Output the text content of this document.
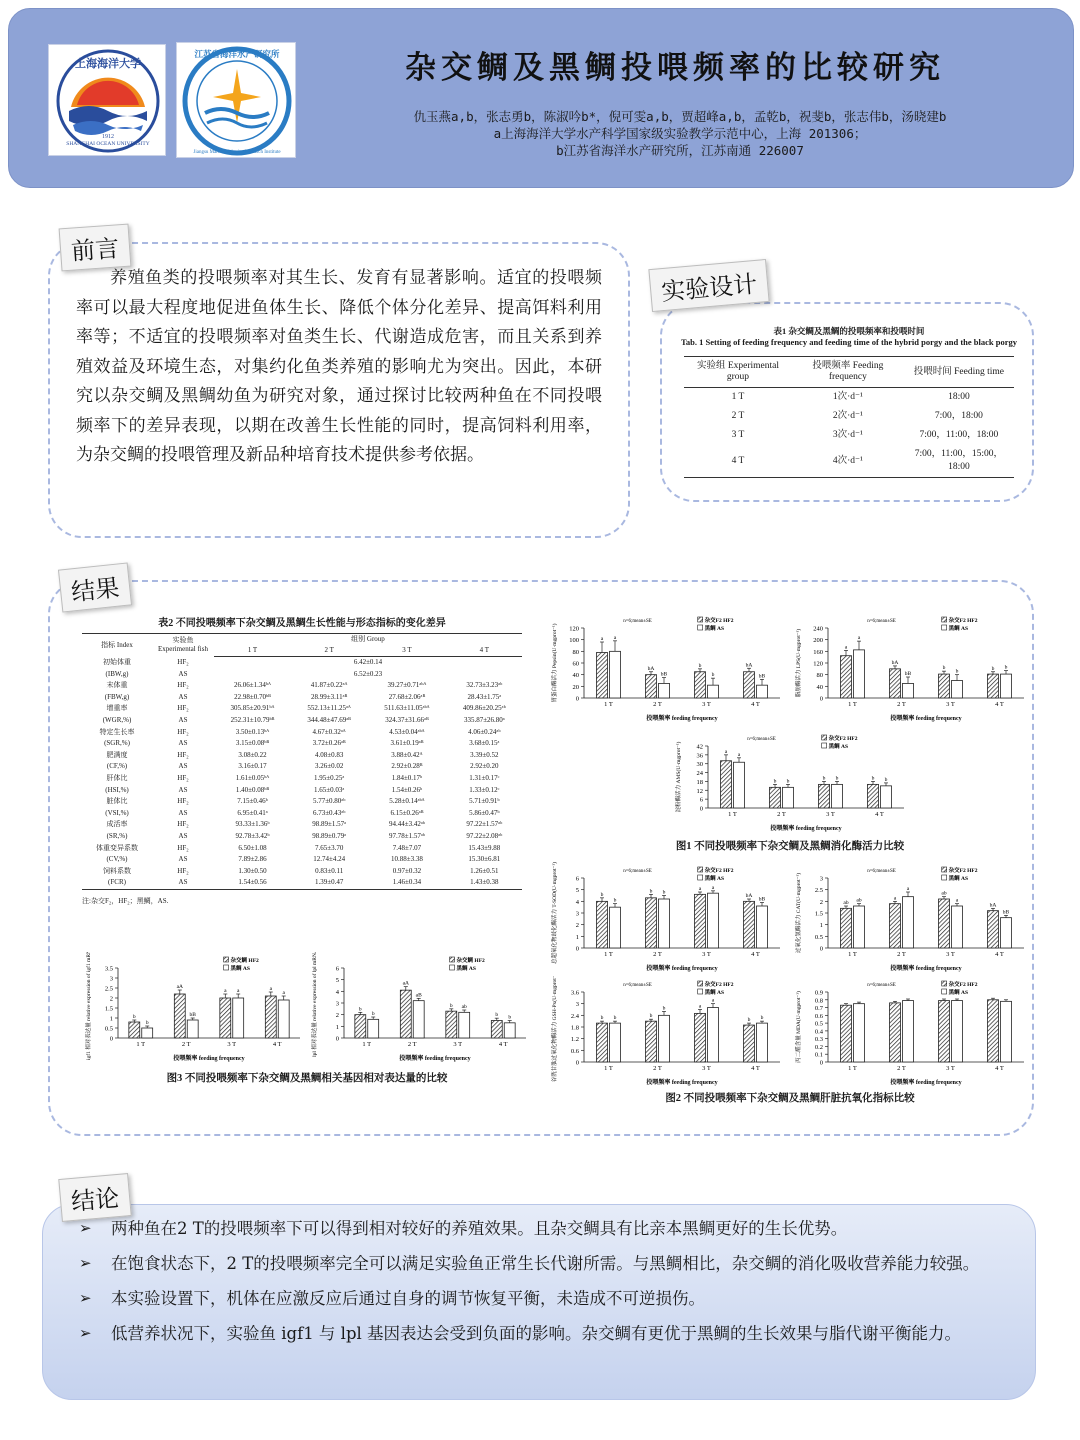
上海海洋大学
SHANGHAI OCEAN UNIVERSITY
1912
江苏省海洋水产研究所
Jiangsu Marine Fisheries Research Institute
杂交鲷及黑鲷投喂频率的比较研究
仇玉燕a,b，张志勇b，陈淑吟b*，倪可雯a,b，贾超峰a,b，孟乾b，祝斐b，张志伟b，汤晓建b
a上海海洋大学水产科学国家级实验教学示范中心，上海 201306；
b江苏省海洋水产研究所，江苏南通 226007
前言
养殖鱼类的投喂频率对其生长、发育有显著影响。适宜的投喂频率可以最大程度地促进鱼体生长、降低个体分化差异、提高饵料利用率等；不适宜的投喂频率对鱼类生长、代谢造成危害，而且关系到养殖效益及环境生态，对集约化鱼类养殖的影响尤为突出。因此，本研究以杂交鲷及黑鲷幼鱼为研究对象，通过探讨比较两种鱼在不同投喂频率下的差异表现，以期在改善生长性能的同时，提高饲料利用率，为杂交鲷的投喂管理及新品种培育技术提供参考依据。
实验设计
表1 杂交鲷及黑鲷的投喂频率和投喂时间
Tab. 1 Setting of feeding frequency and feeding time of the hybrid porgy and the black porgy
实验组 Experimental group	投喂频率 Feeding frequency	投喂时间 Feeding time
1 T	1次·d⁻¹	18:00
2 T	2次·d⁻¹	7:00，18:00
3 T	3次·d⁻¹	7:00，11:00，18:00
4 T	4次·d⁻¹	7:00，11:00，15:00，18:00
结果
表2 不同投喂频率下杂交鲷及黑鲷生长性能与形态指标的变化差异
指标 Index	实验鱼 Experimental fish	组别 Group			
		1 T	2 T	3 T	4 T
初始体重	HF₂	6.42±0.14			
(IBW,g)	AS	6.52±0.23			
末体重	HF₂	26.06±1.34ᵇᴬ	41.87±0.22ᵃᴬ	39.27±0.71ᵃᵇᴬ	32.73±3.23ᵃᵇ
(FBW,g)	AS	22.98±0.70ᵇᴮ	28.99±3.11ᵃᴮ	27.68±2.06ᵃᴮ	28.43±1.75ᵃ
增重率	HF₂	305.85±20.91ᵇᴬ	552.13±11.25ᵃᴬ	511.63±11.05ᵃᵇᴬ	409.86±20.25ᵃᵇ
(WGR,%)	AS	252.31±10.79ᵇᴮ	344.48±47.69ᵃᴮ	324.37±31.66ᵃᴮ	335.87±26.80ᵃ
特定生长率	HF₂	3.50±0.13ᵇᴬ	4.67±0.32ᵃᴬ	4.53±0.04ᵃᵇᴬ	4.06±0.24ᵃᵇ
(SGR,%)	AS	3.15±0.08ᵇᴮ	3.72±0.26ᵃᴮ	3.61±0.19ᵃᴮ	3.68±0.15ᵃ
肥满度	HF₂	3.08±0.22	4.08±0.83	3.88±0.42ᴬ	3.39±0.52
(CF,%)	AS	3.16±0.17	3.26±0.02	2.92±0.28ᴮ	2.92±0.20
肝体比	HF₂	1.61±0.05ᵇᴬ	1.95±0.25ᵃ	1.84±0.17ᵇ	1.31±0.17ᶜ
(HSI,%)	AS	1.40±0.08ᵇᴮ	1.65±0.03ᵃ	1.54±0.26ᵇ	1.33±0.12ᶜ
脏体比	HF₂	7.15±0.46ᵇ	5.77±0.80ᵃᵇ	5.28±0.14ᵃᵇᴬ	5.71±0.91ᵇ
(VSI,%)	AS	6.95±0.41ᵃ	6.73±0.43ᵃᵇ	6.15±0.26ᵃᴮ	5.86±0.47ᵇ
成活率	HF₂	93.33±1.36ᵇ	98.89±1.57ᵃ	94.44±3.42ᵃᵇ	97.22±1.57ᵃᵇ
(SR,%)	AS	92.78±3.42ᵇ	98.89±0.79ᵃ	97.78±1.57ᵃᵇ	97.22±2.08ᵃᵇ
体重变异系数	HF₂	6.50±1.08	7.65±3.70	7.48±7.07	15.43±9.88
(CV,%)	AS	7.89±2.86	12.74±4.24	10.88±3.38	15.30±6.81
饲料系数	HF₂	1.30±0.50	0.83±0.11	0.97±0.32	1.26±0.51
(FCR)	AS	1.54±0.56	1.39±0.47	1.46±0.34	1.43±0.38
注:杂交F₂，HF₂；黑鲷，AS.
0
20
40
60
80
100
120
胃蛋白酶活力 Pepsin(U·mgprot⁻¹)	a a
1 T
bA
bB
2 T
b
b
3 T
bA
bB
4 T
投喂频率 feeding frequency
杂交F2 HF2
黑鲷 AS
n=6;mean±SE
0
40
80
120
160
200
240
脂肪酶活力 LPS(U·mgprot⁻¹)	a
a
1 T
bA
bB
2 T
b
b
3 T
b b
4 T
投喂频率 feeding frequency
杂交F2 HF2
黑鲷 AS
n=6;mean±SE
0
6
12
18
24
30
36
42
淀粉酶活力 AMS(U·mgprot⁻¹)	a a
1 T
b b
2 T
b b
3 T
b b
4 T
投喂频率 feeding frequency
杂交F2 HF2
黑鲷 AS
n=6;mean±SE
图1 不同投喂频率下杂交鲷及黑鲷消化酶活力比较
0
1
2
3
4
5
6
总超氧化物歧化酶活力 T-SOD(U·mgprot⁻¹)	b
b
1 T
b b
2 T
a a
3 T
bA
bB
4 T
投喂频率 feeding frequency
杂交F2 HF2
黑鲷 AS
n=6;mean±SE
0
0.5
1
1.5
2
2.5
3
过氧化氢酶活力 CAT(U·mgprot⁻¹)	ab ab
1 T
a
a
2 T
ab
a
3 T
bA
bB
4 T
投喂频率 feeding frequency
杂交F2 HF2
黑鲷 AS
n=6;mean±SE
0
0.6
1.2
1.8
2.4
3
3.6
谷胱甘肽过氧化物酶活力 GSH-Px(U·mgprot⁻¹)	b b
1 T
b
b
2 T
a
a
3 T
b b
4 T
投喂频率 feeding frequency
杂交F2 HF2
黑鲷 AS
n=6;mean±SE
0
0.1
0.2
0.3
0.4
0.5
0.6
0.7
0.8
0.9
丙二醛含量 MDA(U·mgprot⁻¹)
1 T	2 T	3 T	4 T
投喂频率 feeding frequency
杂交F2 HF2
黑鲷 AS
n=6;mean±SE
图2 不同投喂频率下杂交鲷及黑鲷肝脏抗氧化指标比较
0
0.5
1
1.5
2
2.5
3
3.5
igf1 相对表达量 relative expression of igf1 mRNA	b
b
1 T
aA
bB
2 T
a a
3 T
a
a
4 T
投喂频率 feeding frequency
杂交鲷 HF2
黑鲷 AS
0
1
2
3
4
5
6
lpl 相对表达量 relative expression of lpl mRNA	b
b
1 T
aA
aB
2 T
b ab
3 T
b b
4 T
投喂频率 feeding frequency
杂交鲷 HF2
黑鲷 AS
图3 不同投喂频率下杂交鲷及黑鲷相关基因相对表达量的比较
➢ 两种鱼在2 T的投喂频率下可以得到相对较好的养殖效果。且杂交鲷具有比亲本黑鲷更好的生长优势。
➢ 在饱食状态下，2 T的投喂频率完全可以满足实验鱼正常生长代谢所需。与黑鲷相比，杂交鲷的消化吸收营养能力较强。
➢ 本实验设置下，机体在应激反应后通过自身的调节恢复平衡，未造成不可逆损伤。
➢ 低营养状况下，实验鱼 igf1 与 lpl 基因表达会受到负面的影响。杂交鲷有更优于黑鲷的生长效果与脂代谢平衡能力。
结论
